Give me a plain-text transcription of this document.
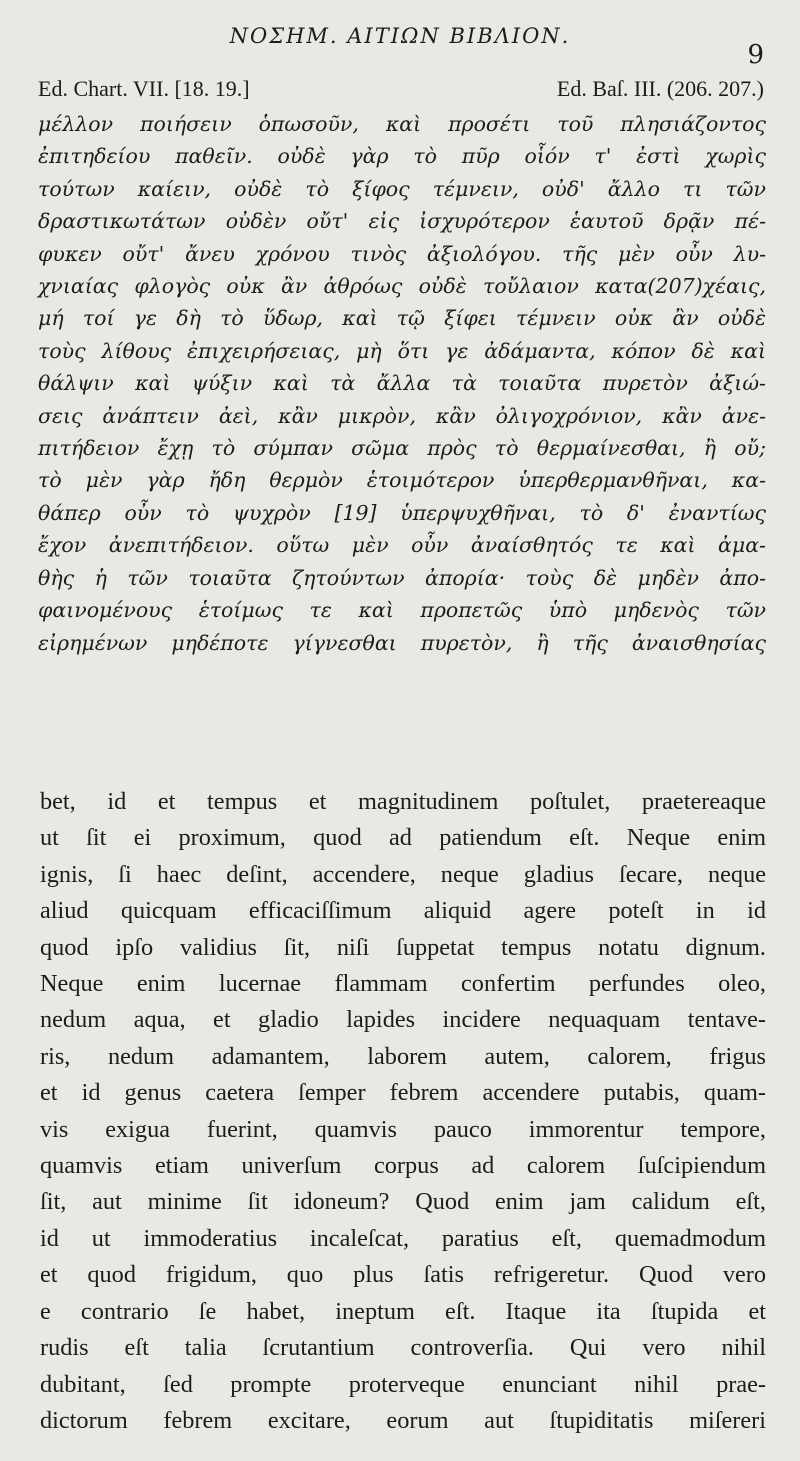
ΝΟΣΗΜ. ΑΙΤΙΩΝ ΒΙΒΛΙΟΝ.
9
Ed. Chart. VII. [18. 19.]	Ed. Baſ. III. (206. 207.)
μέλλον ποιήσειν ὁπωσοῦν, καὶ προσέτι τοῦ πλησιάζοντος
ἐπιτηδείου παθεῖν. οὐδὲ γὰρ τὸ πῦρ οἷόν τ' ἐστὶ χωρὶς
τούτων καίειν, οὐδὲ τὸ ξίφος τέμνειν, οὐδ' ἄλλο τι τῶν
δραστικωτάτων οὐδὲν οὔτ' εἰς ἰσχυρότερον ἑαυτοῦ δρᾷν πέ-
φυκεν οὔτ' ἄνευ χρόνου τινὸς ἀξιολόγου. τῆς μὲν οὖν λυ-
χνιαίας φλογὸς οὐκ ἂν ἀθρόως οὐδὲ τοὔλαιον κατα(207)χέαις,
μή τοί γε δὴ τὸ ὕδωρ, καὶ τῷ ξίφει τέμνειν οὐκ ἂν οὐδὲ
τοὺς λίθους ἐπιχειρήσειας, μὴ ὅτι γε ἀδάμαντα, κόπον δὲ καὶ
θάλψιν καὶ ψύξιν καὶ τὰ ἄλλα τὰ τοιαῦτα πυρετὸν ἀξιώ-
σεις ἀνάπτειν ἀεὶ, κἂν μικρὸν, κἂν ὀλιγοχρόνιον, κἂν ἀνε-
πιτήδειον ἔχῃ τὸ σύμπαν σῶμα πρὸς τὸ θερμαίνεσθαι, ἢ οὔ;
τὸ μὲν γὰρ ἤδη θερμὸν ἑτοιμότερον ὑπερθερμανθῆναι, κα-
θάπερ οὖν τὸ ψυχρὸν [19] ὑπερψυχθῆναι, τὸ δ' ἐναντίως
ἔχον ἀνεπιτήδειον. οὕτω μὲν οὖν ἀναίσθητός τε καὶ ἀμα-
θὴς ἡ τῶν τοιαῦτα ζητούντων ἀπορία· τοὺς δὲ μηδὲν ἀπο-
φαινομένους ἑτοίμως τε καὶ προπετῶς ὑπὸ μηδενὸς τῶν
εἰρημένων μηδέποτε γίγνεσθαι πυρετὸν, ἢ τῆς ἀναισθησίας
bet, id et tempus et magnitudinem poſtulet, praetereaque
ut ſit ei proximum, quod ad patiendum eſt. Neque enim
ignis, ſi haec deſint, accendere, neque gladius ſecare, neque
aliud quicquam efficaciſſimum aliquid agere poteſt in id
quod ipſo validius ſit, niſi ſuppetat tempus notatu dignum.
Neque enim lucernae flammam confertim perfundes oleo,
nedum aqua, et gladio lapides incidere nequaquam tentave-
ris, nedum adamantem, laborem autem, calorem, frigus
et id genus caetera ſemper febrem accendere putabis, quam-
vis exigua fuerint, quamvis pauco immorentur tempore,
quamvis etiam univerſum corpus ad calorem ſuſcipiendum
ſit, aut minime ſit idoneum? Quod enim jam calidum eſt,
id ut immoderatius incaleſcat, paratius eſt, quemadmodum
et quod frigidum, quo plus ſatis refrigeretur. Quod vero
e contrario ſe habet, ineptum eſt. Itaque ita ſtupida et
rudis eſt talia ſcrutantium controverſia. Qui vero nihil
dubitant, ſed prompte proterveque enunciant nihil prae-
dictorum febrem excitare, eorum aut ſtupiditatis miſereri
